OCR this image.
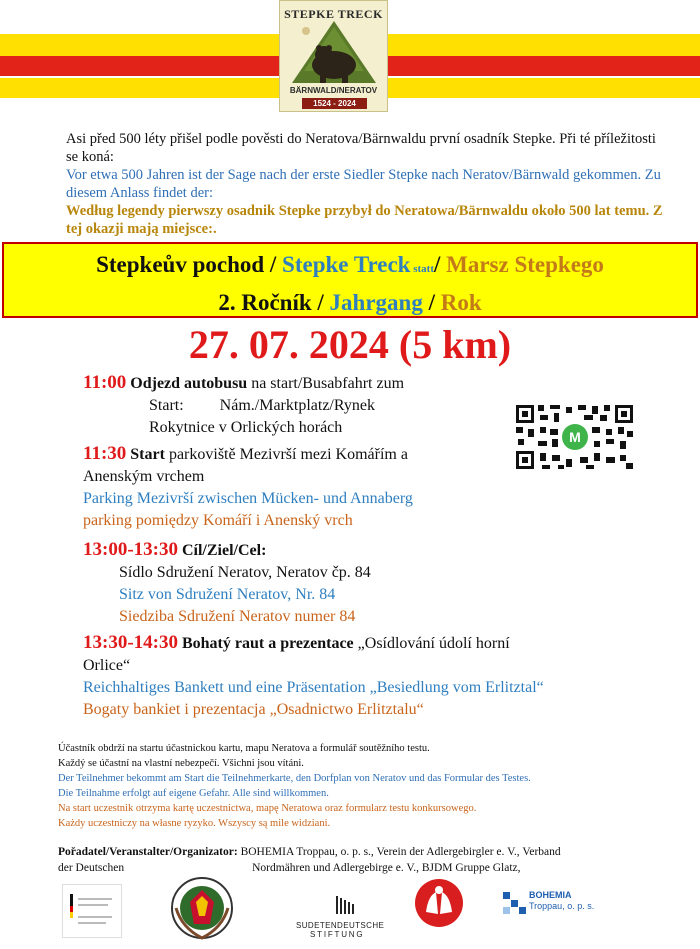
STEPKE TRECK
BÄRNWALD/NERATOV
1524 - 2024

Asi před 500 léty přišel podle pověsti do Neratova/Bärnwaldu první osadník Stepke. Při té příležitosti se koná:

Vor etwa 500 Jahren ist der Sage nach der erste Siedler Stepke nach Neratov/Bärnwald gekommen. Zu diesem Anlass findet der:

Według legendy pierwszy osadnik Stepke przybył do Neratowa/Bärnwaldu około 500 lat temu. Z tej okazji mają miejsce:.

Stepkeův pochod / Stepke Treck statt/ Marsz Stepkego
2. Ročník / Jahrgang / Rok
27. 07. 2024 (5 km)
11:00 Odjezd autobusu na start/Busabfahrt zum
Start: Nám./Marktplatz/Rynek
Rokytnice v Orlických horách
M
11:30 Start parkoviště Mezivrší mezi Komářím a
Anenským vrchem
Parking Mezivrší zwischen Mücken- und Annaberg
parking pomiędzy Komáří i Anenský vrch
13:00-13:30 Cíl/Ziel/Cel:
Sídlo Sdružení Neratov, Neratov čp. 84
Sitz von Sdružení Neratov, Nr. 84
Siedziba Sdružení Neratov numer 84
13:30-14:30 Bohatý raut a prezentace „Osídlování údolí horní
Orlice“
Reichhaltiges Bankett und eine Präsentation „Besiedlung vom Erlitztal“
Bogaty bankiet i prezentacja „Osadnictwo Erlitztalu“
Účastník obdrží na startu účastnickou kartu, mapu Neratova a formulář soutěžního testu.
Každý se účastní na vlastní nebezpečí. Všichni jsou vítáni.
Der Teilnehmer bekommt am Start die Teilnehmerkarte, den Dorfplan von Neratov und das Formular des Testes.
Die Teilnahme erfolgt auf eigene Gefahr. Alle sind willkommen.
Na start uczestnik otrzyma kartę uczestnictwa, mapę Neratowa oraz formularz testu konkursowego.
Każdy uczestniczy na własne ryzyko. Wszyscy są mile widziani.
Pořadatel/Veranstalter/Organizator: BOHEMIA Troppau, o. p. s., Verein der Adlergebirgler e. V., Verband
der Deutschen	Nordmähren und Adlergebirge e. V., BJDM Gruppe Glatz,
SUDETENDEUTSCHE
STIFTUNG
BOHEMIA
Troppau, o. p. s.
